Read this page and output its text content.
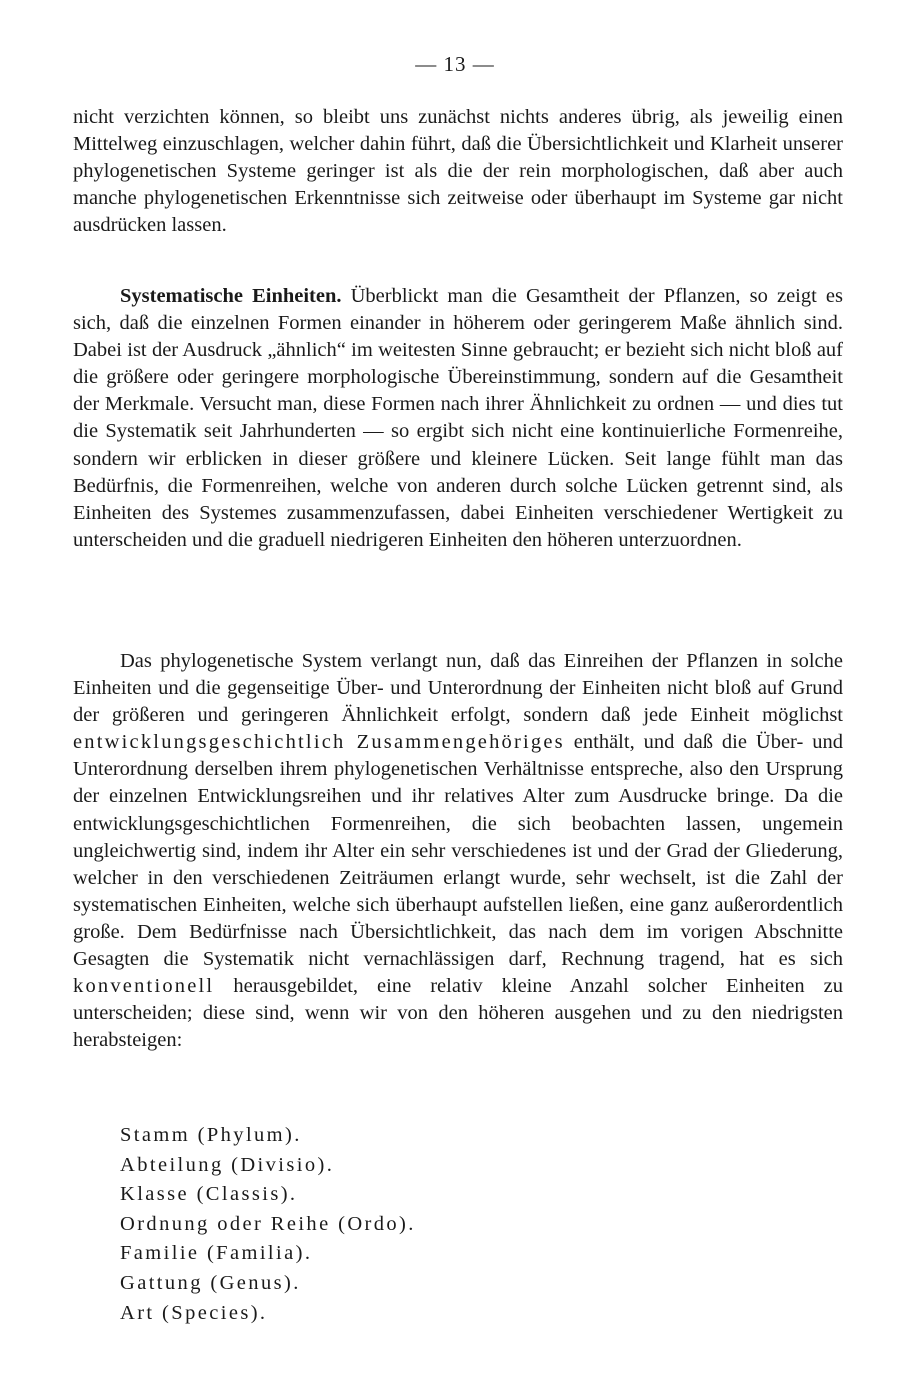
— 13 —

nicht verzichten können, so bleibt uns zunächst nichts anderes übrig, als jeweilig einen Mittelweg einzuschlagen, welcher dahin führt, daß die Übersichtlichkeit und Klarheit unserer phylogenetischen Systeme geringer ist als die der rein morphologischen, daß aber auch manche phylogenetischen Erkenntnisse sich zeitweise oder überhaupt im Systeme gar nicht ausdrücken lassen.

Systematische Einheiten. Überblickt man die Gesamtheit der Pflanzen, so zeigt es sich, daß die einzelnen Formen einander in höherem oder geringerem Maße ähnlich sind. Dabei ist der Ausdruck „ähnlich“ im weitesten Sinne gebraucht; er bezieht sich nicht bloß auf die größere oder geringere morphologische Übereinstimmung, sondern auf die Gesamtheit der Merkmale. Versucht man, diese Formen nach ihrer Ähnlichkeit zu ordnen — und dies tut die Systematik seit Jahrhunderten — so ergibt sich nicht eine kontinuierliche Formenreihe, sondern wir erblicken in dieser größere und kleinere Lücken. Seit lange fühlt man das Bedürfnis, die Formenreihen, welche von anderen durch solche Lücken getrennt sind, als Einheiten des Systemes zusammenzufassen, dabei Einheiten verschiedener Wertigkeit zu unterscheiden und die graduell niedrigeren Einheiten den höheren unterzuordnen.

Das phylogenetische System verlangt nun, daß das Einreihen der Pflanzen in solche Einheiten und die gegenseitige Über- und Unterordnung der Einheiten nicht bloß auf Grund der größeren und geringeren Ähnlichkeit erfolgt, sondern daß jede Einheit möglichst entwicklungsgeschichtlich Zusammengehöriges enthält, und daß die Über- und Unterordnung derselben ihrem phylogenetischen Verhältnisse entspreche, also den Ursprung der einzelnen Entwicklungsreihen und ihr relatives Alter zum Ausdrucke bringe. Da die entwicklungsgeschichtlichen Formenreihen, die sich beobachten lassen, ungemein ungleichwertig sind, indem ihr Alter ein sehr verschiedenes ist und der Grad der Gliederung, welcher in den verschiedenen Zeiträumen erlangt wurde, sehr wechselt, ist die Zahl der systematischen Einheiten, welche sich überhaupt aufstellen ließen, eine ganz außerordentlich große. Dem Bedürfnisse nach Übersichtlichkeit, das nach dem im vorigen Abschnitte Gesagten die Systematik nicht vernachlässigen darf, Rechnung tragend, hat es sich konventionell herausgebildet, eine relativ kleine Anzahl solcher Einheiten zu unterscheiden; diese sind, wenn wir von den höheren ausgehen und zu den niedrigsten herabsteigen:

Stamm (Phylum).
Abteilung (Divisio).
Klasse (Classis).
Ordnung oder Reihe (Ordo).
Familie (Familia).
Gattung (Genus).
Art (Species).
